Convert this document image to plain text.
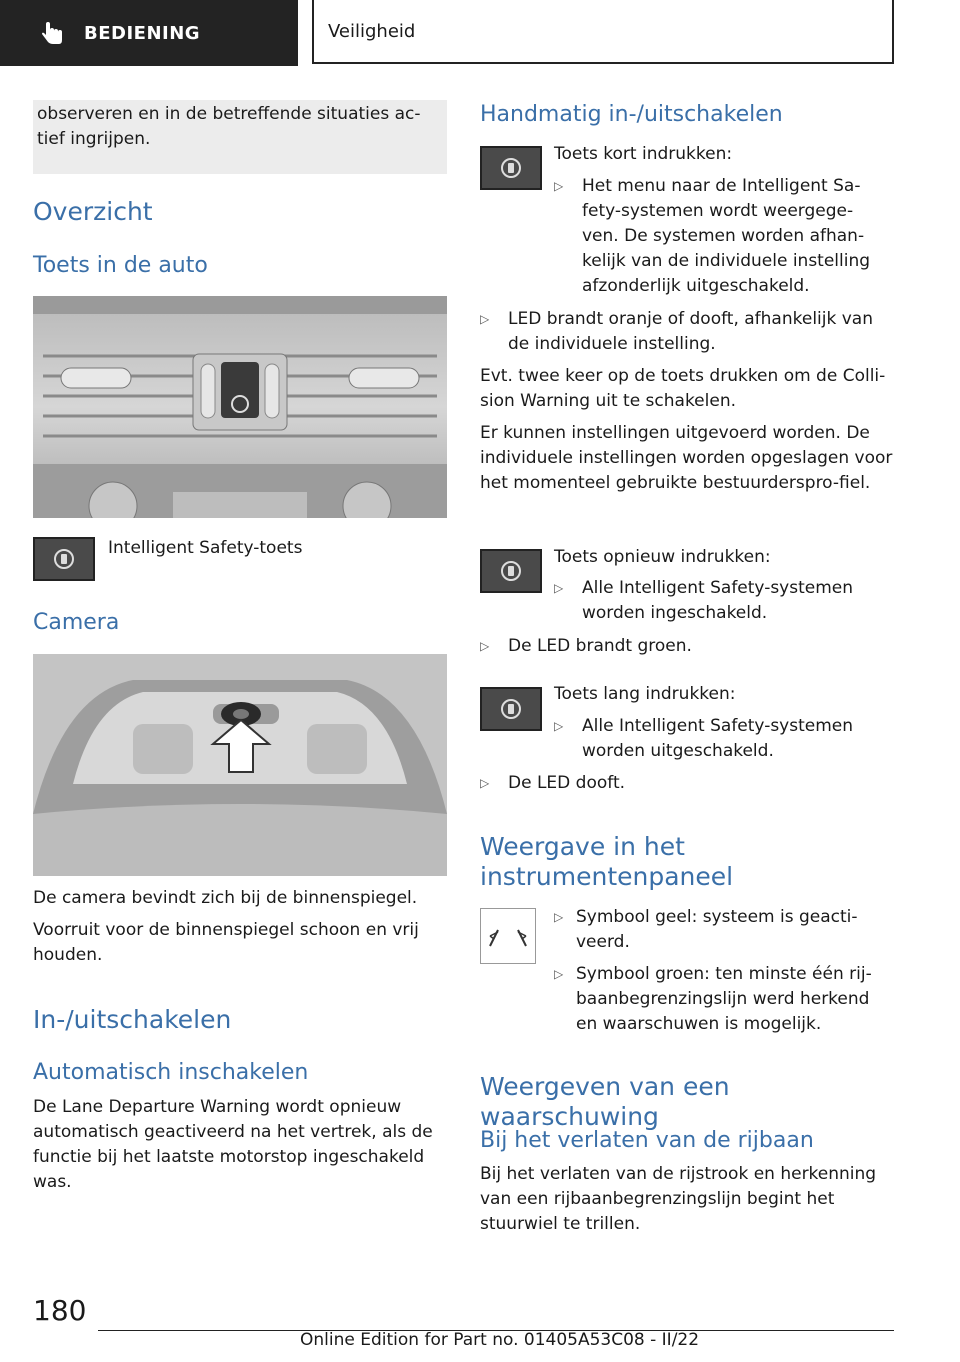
BEDIENING	Veiligheid

observeren en in de betreffende situaties ac-tief ingrijpen.

Overzicht
Toets in de auto
Intelligent Safety-toets
Camera
De camera bevindt zich bij de binnenspiegel.
Voorruit voor de binnenspiegel schoon en vrij houden.
In-/uitschakelen
Automatisch inschakelen
De Lane Departure Warning wordt opnieuw automatisch geactiveerd na het vertrek, als de functie bij het laatste motorstop ingeschakeld was.
Handmatig in-/uitschakelen
Toets kort indrukken:
▷ Het menu naar de Intelligent Sa-fety-systemen wordt weergege-ven. De systemen worden afhan-kelijk van de individuele instelling afzonderlijk uitgeschakeld.
▷ LED brandt oranje of dooft, afhankelijk van de individuele instelling.
Evt. twee keer op de toets drukken om de Colli-sion Warning uit te schakelen.
Er kunnen instellingen uitgevoerd worden. De individuele instellingen worden opgeslagen voor het momenteel gebruikte bestuurderspro-fiel.
Toets opnieuw indrukken:
▷ Alle Intelligent Safety-systemen worden ingeschakeld.
▷ De LED brandt groen.
Toets lang indrukken:
▷ Alle Intelligent Safety-systemen worden uitgeschakeld.
▷ De LED dooft.
Weergave in het instrumentenpaneel
▷ Symbool geel: systeem is geacti-veerd.
▷ Symbool groen: ten minste één rij-baanbegrenzingslijn werd herkend en waarschuwen is mogelijk.
Weergeven van een waarschuwing
Bij het verlaten van de rijbaan
Bij het verlaten van de rijstrook en herkenning van een rijbaanbegrenzingslijn begint het stuurwiel te trillen.
180
Online Edition for Part no. 01405A53C08 - II/22
